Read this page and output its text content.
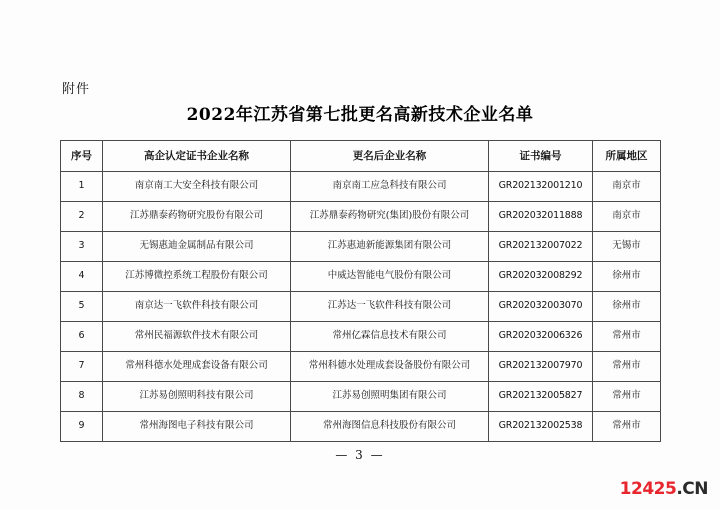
附件
2022年江苏省第七批更名高新技术企业名单
序号	高企认定证书企业名称	更名后企业名称	证书编号	所属地区
1	南京南工大安全科技有限公司	南京南工应急科技有限公司	GR202132001210	南京市
2	江苏鼎泰药物研究股份有限公司	江苏鼎泰药物研究(集团)股份有限公司	GR202032011888	南京市
3	无锡惠迪金属制品有限公司	江苏惠迪新能源集团有限公司	GR202132007022	无锡市
4	江苏博微控系统工程股份有限公司	中威达智能电气股份有限公司	GR202032008292	徐州市
5	南京达一飞软件科技有限公司	江苏达一飞软件科技有限公司	GR202032003070	徐州市
6	常州民福源软件技术有限公司	常州亿霖信息技术有限公司	GR202032006326	常州市
7	常州科德水处理成套设备有限公司	常州科德水处理成套设备股份有限公司	GR202132007970	常州市
8	江苏易创照明科技有限公司	江苏易创照明集团有限公司	GR202132005827	常州市
9	常州海图电子科技有限公司	常州海图信息科技股份有限公司	GR202132002538	常州市
— 3 —
12425.CN
